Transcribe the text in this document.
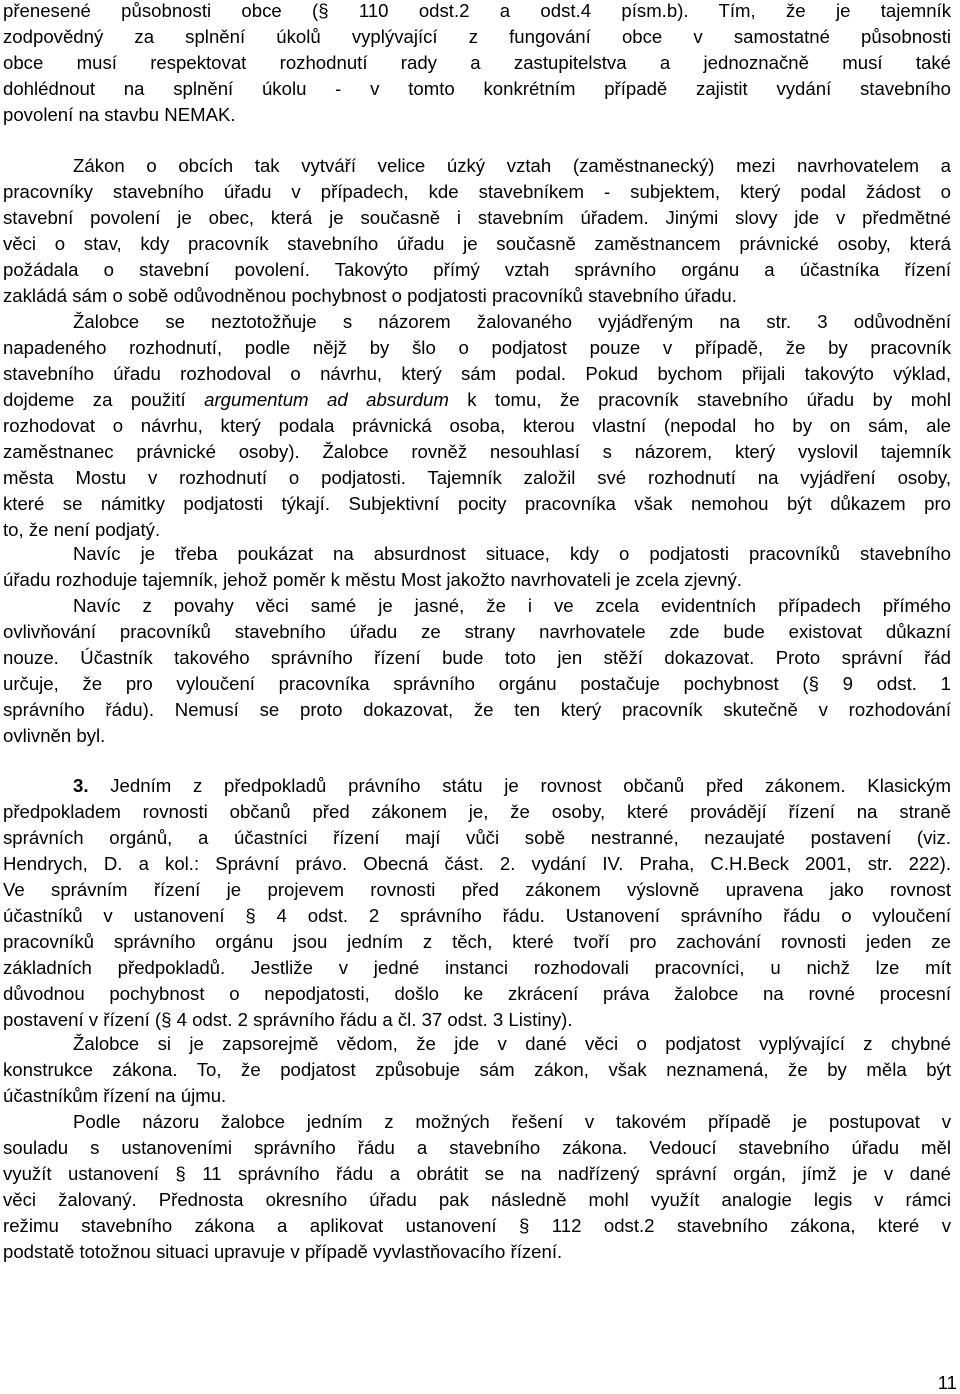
přenesené působnosti obce (§ 110 odst.2 a odst.4 písm.b). Tím, že je tajemník
zodpovědný za splnění úkolů vyplývající z fungování obce v samostatné působnosti
obce musí respektovat rozhodnutí rady a zastupitelstva a jednoznačně musí také
dohlédnout na splnění úkolu - v tomto konkrétním případě zajistit vydání stavebního
povolení na stavbu NEMAK.
Zákon o obcích tak vytváří velice úzký vztah (zaměstnanecký) mezi navrhovatelem a
pracovníky stavebního úřadu v případech, kde stavebníkem - subjektem, který podal žádost o
stavební povolení je obec, která je současně i stavebním úřadem. Jinými slovy jde v předmětné
věci o stav, kdy pracovník stavebního úřadu je současně zaměstnancem právnické osoby, která
požádala o stavební povolení. Takovýto přímý vztah správního orgánu a účastníka řízení
zakládá sám o sobě odůvodněnou pochybnost o podjatosti pracovníků stavebního úřadu.
Žalobce se neztotožňuje s názorem žalovaného vyjádřeným na str. 3 odůvodnění
napadeného rozhodnutí, podle nějž by šlo o podjatost pouze v případě, že by pracovník
stavebního úřadu rozhodoval o návrhu, který sám podal. Pokud bychom přijali takovýto výklad,
dojdeme za použití argumentum ad absurdum k tomu, že pracovník stavebního úřadu by mohl
rozhodovat o návrhu, který podala právnická osoba, kterou vlastní (nepodal ho by on sám, ale
zaměstnanec právnické osoby). Žalobce rovněž nesouhlasí s názorem, který vyslovil tajemník
města Mostu v rozhodnutí o podjatosti. Tajemník založil své rozhodnutí na vyjádření osoby,
které se námitky podjatosti týkají. Subjektivní pocity pracovníka však nemohou být důkazem pro
to, že není podjatý.
Navíc je třeba poukázat na absurdnost situace, kdy o podjatosti pracovníků stavebního
úřadu rozhoduje tajemník, jehož poměr k městu Most jakožto navrhovateli je zcela zjevný.
Navíc z povahy věci samé je jasné, že i ve zcela evidentních případech přímého
ovlivňování pracovníků stavebního úřadu ze strany navrhovatele zde bude existovat důkazní
nouze. Účastník takového správního řízení bude toto jen stěží dokazovat. Proto správní řád
určuje, že pro vyloučení pracovníka správního orgánu postačuje pochybnost (§ 9 odst. 1
správního řádu). Nemusí se proto dokazovat, že ten který pracovník skutečně v rozhodování
ovlivněn byl.
3. Jedním z předpokladů právního státu je rovnost občanů před zákonem. Klasickým
předpokladem rovnosti občanů před zákonem je, že osoby, které provádějí řízení na straně
správních orgánů, a účastníci řízení mají vůči sobě nestranné, nezaujaté postavení (viz.
Hendrych, D. a kol.: Správní právo. Obecná část. 2. vydání IV. Praha, C.H.Beck 2001, str. 222).
Ve správním řízení je projevem rovnosti před zákonem výslovně upravena jako rovnost
účastníků v ustanovení § 4 odst. 2 správního řádu. Ustanovení správního řádu o vyloučení
pracovníků správního orgánu jsou jedním z těch, které tvoří pro zachování rovnosti jeden ze
základních předpokladů. Jestliže v jedné instanci rozhodovali pracovníci, u nichž lze mít
důvodnou pochybnost o nepodjatosti, došlo ke zkrácení práva žalobce na rovné procesní
postavení v řízení (§ 4 odst. 2 správního řádu a čl. 37 odst. 3 Listiny).
Žalobce si je zapsorejmě vědom, že jde v dané věci o podjatost vyplývající z chybné
konstrukce zákona. To, že podjatost způsobuje sám zákon, však neznamená, že by měla být
účastníkům řízení na újmu.
Podle názoru žalobce jedním z možných řešení v takovém případě je postupovat v
souladu s ustanoveními správního řádu a stavebního zákona. Vedoucí stavebního úřadu měl
využít ustanovení § 11 správního řádu a obrátit se na nadřízený správní orgán, jímž je v dané
věci žalovaný. Přednosta okresního úřadu pak následně mohl využít analogie legis v rámci
režimu stavebního zákona a aplikovat ustanovení § 112 odst.2 stavebního zákona, které v
podstatě totožnou situaci upravuje v případě vyvlastňovacího řízení.
11
